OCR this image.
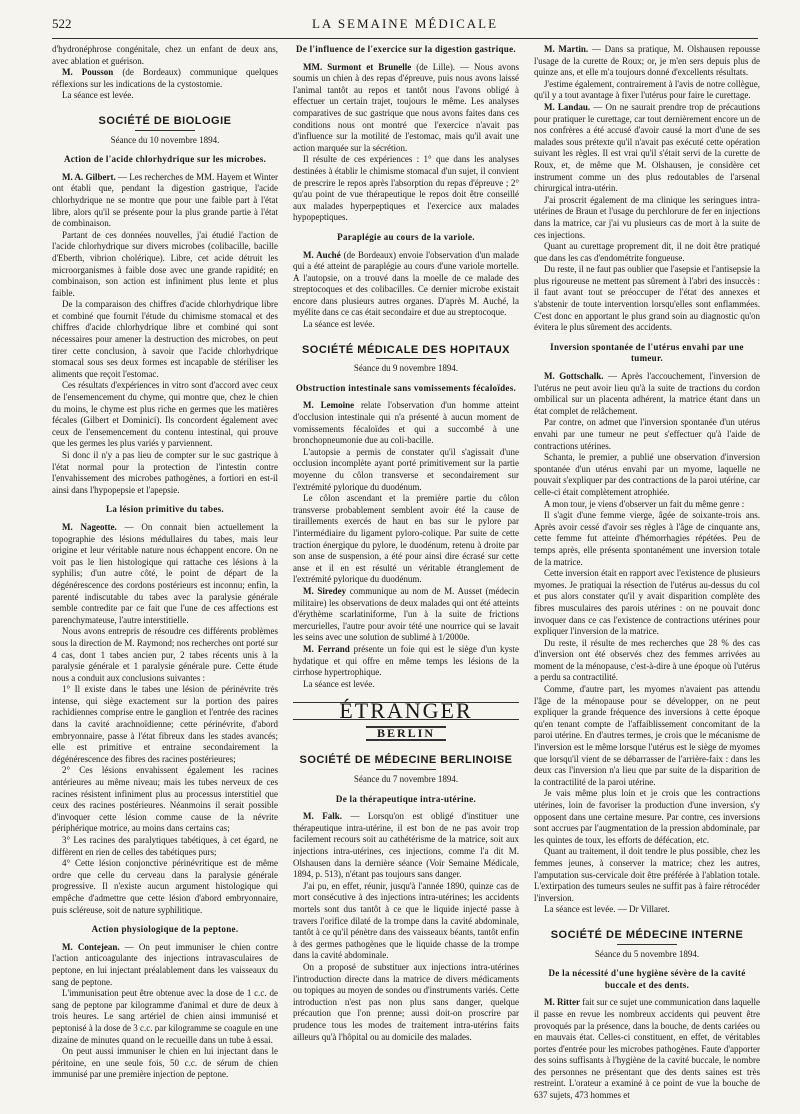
522	LA SEMAINE MÉDICALE

d'hydronéphrose congénitale, chez un enfant de deux ans, avec ablation et guérison.

M. Pousson (de Bordeaux) communique quelques réflexions sur les indications de la cystostomie.

La séance est levée.

SOCIÉTÉ DE BIOLOGIE
Séance du 10 novembre 1894.
Action de l'acide chlorhydrique sur les microbes.

M. A. Gilbert. — Les recherches de MM. Hayem et Winter ont établi que, pendant la digestion gastrique, l'acide chlorhydrique ne se montre que pour une faible part à l'état libre, alors qu'il se présente pour la plus grande partie à l'état de combinaison.

Partant de ces données nouvelles, j'ai étudié l'action de l'acide chlorhydrique sur divers microbes (colibacille, bacille d'Eberth, vibrion cholérique). Libre, cet acide détruit les microorganismes à faible dose avec une grande rapidité; en combinaison, son action est infiniment plus lente et plus faible.

De la comparaison des chiffres d'acide chlorhydrique libre et combiné que fournit l'étude du chimisme stomacal et des chiffres d'acide chlorhydrique libre et combiné qui sont nécessaires pour amener la destruction des microbes, on peut tirer cette conclusion, à savoir que l'acide chlorhydrique stomacal sous ses deux formes est incapable de stériliser les aliments que reçoit l'estomac.

Ces résultats d'expériences in vitro sont d'accord avec ceux de l'ensemencement du chyme, qui montre que, chez le chien du moins, le chyme est plus riche en germes que les matières fécales (Gilbert et Dominici). Ils concordent également avec ceux de l'ensemencement du contenu intestinal, qui prouve que les germes les plus variés y parviennent.

Si donc il n'y a pas lieu de compter sur le suc gastrique à l'état normal pour la protection de l'intestin contre l'envahissement des microbes pathogènes, a fortiori en est-il ainsi dans l'hypopepsie et l'apepsie.

La lésion primitive du tabes.

M. Nageotte. — On connait bien actuellement la topographie des lésions médullaires du tabes, mais leur origine et leur véritable nature nous échappent encore. On ne voit pas le lien histologique qui rattache ces lésions à la syphilis; d'un autre côté, le point de départ de la dégénérescence des cordons postérieurs est inconnu; enfin, la parenté indiscutable du tabes avec la paralysie générale semble contredite par ce fait que l'une de ces affections est parenchymateuse, l'autre interstitielle.

Nous avons entrepris de résoudre ces différents problèmes sous la direction de M. Raymond; nos recherches ont porté sur 4 cas, dont 1 tabes ancien pur, 2 tabes récents unis à la paralysie générale et 1 paralysie générale pure. Cette étude nous a conduit aux conclusions suivantes :

1° Il existe dans le tabes une lésion de périnévrite très intense, qui siège exactement sur la portion des paires rachidiennes comprise entre le ganglion et l'entrée des racines dans la cavité arachnoïdienne; cette périnévrite, d'abord embryonnaire, passe à l'état fibreux dans les stades avancés; elle est primitive et entraine secondairement la dégénérescence des fibres des racines postérieures;

2° Ces lésions envahissent également les racines antérieures au même niveau; mais les tubes nerveux de ces racines résistent infiniment plus au processus interstitiel que ceux des racines postérieures. Néanmoins il serait possible d'invoquer cette lésion comme cause de la névrite périphérique motrice, au moins dans certains cas;

3° Les racines des paralytiques tabétiques, à cet égard, ne diffèrent en rien de celles des tabétiques purs;

4° Cette lésion conjonctive périnévritique est de même ordre que celle du cerveau dans la paralysie générale progressive. Il n'existe aucun argument histologique qui empêche d'admettre que cette lésion d'abord embryonnaire, puis scléreuse, soit de nature syphilitique.

Action physiologique de la peptone.

M. Contejean. — On peut immuniser le chien contre l'action anticoagulante des injections intravasculaires de peptone, en lui injectant préalablement dans les vaisseaux du sang de peptone.

L'immunisation peut être obtenue avec la dose de 1 c.c. de sang de peptone par kilogramme d'animal et dure de deux à trois heures. Le sang artériel de chien ainsi immunisé et peptonisé à la dose de 3 c.c. par kilogramme se coagule en une dizaine de minutes quand on le recueille dans un tube à essai.

On peut aussi immuniser le chien en lui injectant dans le péritoine, en une seule fois, 50 c.c. de sérum de chien immunisé par une première injection de peptone.

De l'influence de l'exercice sur la digestion gastrique.

MM. Surmont et Brunelle (de Lille). — Nous avons soumis un chien à des repas d'épreuve, puis nous avons laissé l'animal tantôt au repos et tantôt nous l'avons obligé à effectuer un certain trajet, toujours le même. Les analyses comparatives de suc gastrique que nous avons faites dans ces conditions nous ont montré que l'exercice n'avait pas d'influence sur la motilité de l'estomac, mais qu'il avait une action marquée sur la sécrétion.

Il résulte de ces expériences : 1° que dans les analyses destinées à établir le chimisme stomacal d'un sujet, il convient de prescrire le repos après l'absorption du repas d'épreuve ; 2° qu'au point de vue thérapeutique le repos doit être conseillé aux malades hyperpeptiques et l'exercice aux malades hypopeptiques.

Paraplégie au cours de la variole.

M. Auché (de Bordeaux) envoie l'observation d'un malade qui a été atteint de paraplégie au cours d'une variole mortelle. A l'autopsie, on a trouvé dans la moelle de ce malade des streptocoques et des colibacilles. Ce dernier microbe existait encore dans plusieurs autres organes. D'après M. Auché, la myélite dans ce cas était secondaire et due au streptocoque.

La séance est levée.

SOCIÉTÉ MÉDICALE DES HOPITAUX
Séance du 9 novembre 1894.
Obstruction intestinale sans vomissements fécaloïdes.

M. Lemoine relate l'observation d'un homme atteint d'occlusion intestinale qui n'a présenté à aucun moment de vomissements fécaloïdes et qui a succombé à une bronchopneumonie due au coli-bacille.

L'autopsie a permis de constater qu'il s'agissait d'une occlusion incomplète ayant porté primitivement sur la partie moyenne du côlon transverse et secondairement sur l'extrémité pylorique du duodénum.

Le côlon ascendant et la première partie du côlon transverse probablement semblent avoir été la cause de tiraillements exercés de haut en bas sur le pylore par l'intermédiaire du ligament pyloro-colique. Par suite de cette traction énergique du pylore, le duodénum, retenu à droite par son anse de suspension, a été pour ainsi dire écrasé sur cette anse et il en est résulté un véritable étranglement de l'extrémité pylorique du duodénum.

M. Siredey communique au nom de M. Ausset (médecin militaire) les observations de deux malades qui ont été atteints d'érythème scarlatiniforme, l'un à la suite de frictions mercurielles, l'autre pour avoir tété une nourrice qui se lavait les seins avec une solution de sublimé à 1/2000e.

M. Ferrand présente un foie qui est le siège d'un kyste hydatique et qui offre en même temps les lésions de la cirrhose hypertrophique.

La séance est levée.

ÉTRANGER
BERLIN
SOCIÉTÉ DE MÉDECINE BERLINOISE
Séance du 7 novembre 1894.
De la thérapeutique intra-utérine.

M. Falk. — Lorsqu'on est obligé d'instituer une thérapeutique intra-utérine, il est bon de ne pas avoir trop facilement recours soit au cathétérisme de la matrice, soit aux injections intra-utérines, ces injections, comme l'a dit M. Olshausen dans la dernière séance (Voir Semaine Médicale, 1894, p. 513), n'étant pas toujours sans danger.

J'ai pu, en effet, réunir, jusqu'à l'année 1890, quinze cas de mort consécutive à des injections intra-utérines; les accidents mortels sont dus tantôt à ce que le liquide injecté passe à travers l'orifice dilaté de la trompe dans la cavité abdominale, tantôt à ce qu'il pénètre dans des vaisseaux béants, tantôt enfin à des germes pathogènes que le liquide chasse de la trompe dans la cavité abdominale.

On a proposé de substituer aux injections intra-utérines l'introduction directe dans la matrice de divers médicaments ou topiques au moyen de sondes ou d'instruments variés. Cette introduction n'est pas non plus sans danger, quelque précaution que l'on prenne; aussi doit-on proscrire par prudence tous les modes de traitement intra-utérins faits ailleurs qu'à l'hôpital ou au domicile des malades.

M. Martin. — Dans sa pratique, M. Olshausen repousse l'usage de la curette de Roux; or, je m'en sers depuis plus de quinze ans, et elle m'a toujours donné d'excellents résultats.

J'estime également, contrairement à l'avis de notre collègue, qu'il y a tout avantage à fixer l'utérus pour faire le curettage.

M. Landau. — On ne saurait prendre trop de précautions pour pratiquer le curettage, car tout dernièrement encore un de nos confrères a été accusé d'avoir causé la mort d'une de ses malades sous prétexte qu'il n'avait pas exécuté cette opération suivant les règles. Il est vrai qu'il s'était servi de la curette de Roux, et, de même que M. Olshausen, je considère cet instrument comme un des plus redoutables de l'arsenal chirurgical intra-utérin.

J'ai proscrit également de ma clinique les seringues intra-utérines de Braun et l'usage du perchlorure de fer en injections dans la matrice, car j'ai vu plusieurs cas de mort à la suite de ces injections.

Quant au curettage proprement dit, il ne doit être pratiqué que dans les cas d'endométrite fongueuse.

Du reste, il ne faut pas oublier que l'asepsie et l'antisepsie la plus rigoureuse ne mettent pas sûrement à l'abri des insuccès : il faut avant tout se préoccuper de l'état des annexes et s'abstenir de toute intervention lorsqu'elles sont enflammées. C'est donc en apportant le plus grand soin au diagnostic qu'on évitera le plus sûrement des accidents.

Inversion spontanée de l'utérus envahi par une tumeur.

M. Gottschalk. — Après l'accouchement, l'inversion de l'utérus ne peut avoir lieu qu'à la suite de tractions du cordon ombilical sur un placenta adhérent, la matrice étant dans un état complet de relâchement.

Par contre, on admet que l'inversion spontanée d'un utérus envahi par une tumeur ne peut s'effectuer qu'à l'aide de contractions utérines.

Schanta, le premier, a publié une observation d'inversion spontanée d'un utérus envahi par un myome, laquelle ne pouvait s'expliquer par des contractions de la paroi utérine, car celle-ci était complètement atrophiée.

A mon tour, je viens d'observer un fait du même genre :

Il s'agit d'une femme vierge, âgée de soixante-trois ans. Après avoir cessé d'avoir ses règles à l'âge de cinquante ans, cette femme fut atteinte d'hémorrhagies répétées. Peu de temps après, elle présenta spontanément une inversion totale de la matrice.

Cette inversion était en rapport avec l'existence de plusieurs myomes. Je pratiquai la résection de l'utérus au-dessus du col et pus alors constater qu'il y avait disparition complète des fibres musculaires des parois utérines : on ne pouvait donc invoquer dans ce cas l'existence de contractions utérines pour expliquer l'inversion de la matrice.

Du reste, il résulte de mes recherches que 28 % des cas d'inversion ont été observés chez des femmes arrivées au moment de la ménopause, c'est-à-dire à une époque où l'utérus a perdu sa contractilité.

Comme, d'autre part, les myomes n'avaient pas attendu l'âge de la ménopause pour se développer, on ne peut expliquer la grande fréquence des inversions à cette époque qu'en tenant compte de l'affaiblissement concomitant de la paroi utérine. En d'autres termes, je crois que le mécanisme de l'inversion est le même lorsque l'utérus est le siège de myomes que lorsqu'il vient de se débarrasser de l'arrière-faix : dans les deux cas l'inversion n'a lieu que par suite de la disparition de la contractilité de la paroi utérine.

Je vais même plus loin et je crois que les contractions utérines, loin de favoriser la production d'une inversion, s'y opposent dans une certaine mesure. Par contre, ces inversions sont accrues par l'augmentation de la pression abdominale, par les quintes de toux, les efforts de défécation, etc.

Quant au traitement, il doit tendre le plus possible, chez les femmes jeunes, à conserver la matrice; chez les autres, l'amputation sus-cervicale doit être préférée à l'ablation totale. L'extirpation des tumeurs seules ne suffit pas à faire rétrocéder l'inversion.

La séance est levée. — Dr Villaret.

SOCIÉTÉ DE MÉDECINE INTERNE
Séance du 5 novembre 1894.
De la nécessité d'une hygiène sévère de la cavité buccale et des dents.

M. Ritter fait sur ce sujet une communication dans laquelle il passe en revue les nombreux accidents qui peuvent être provoqués par la présence, dans la bouche, de dents cariées ou en mauvais état. Celles-ci constituent, en effet, de véritables portes d'entrée pour les microbes pathogènes. Faute d'apporter des soins suffisants à l'hygiène de la cavité buccale, le nombre des personnes ne présentant que des dents saines est très restreint. L'orateur a examiné à ce point de vue la bouche de 637 sujets, 473 hommes et
